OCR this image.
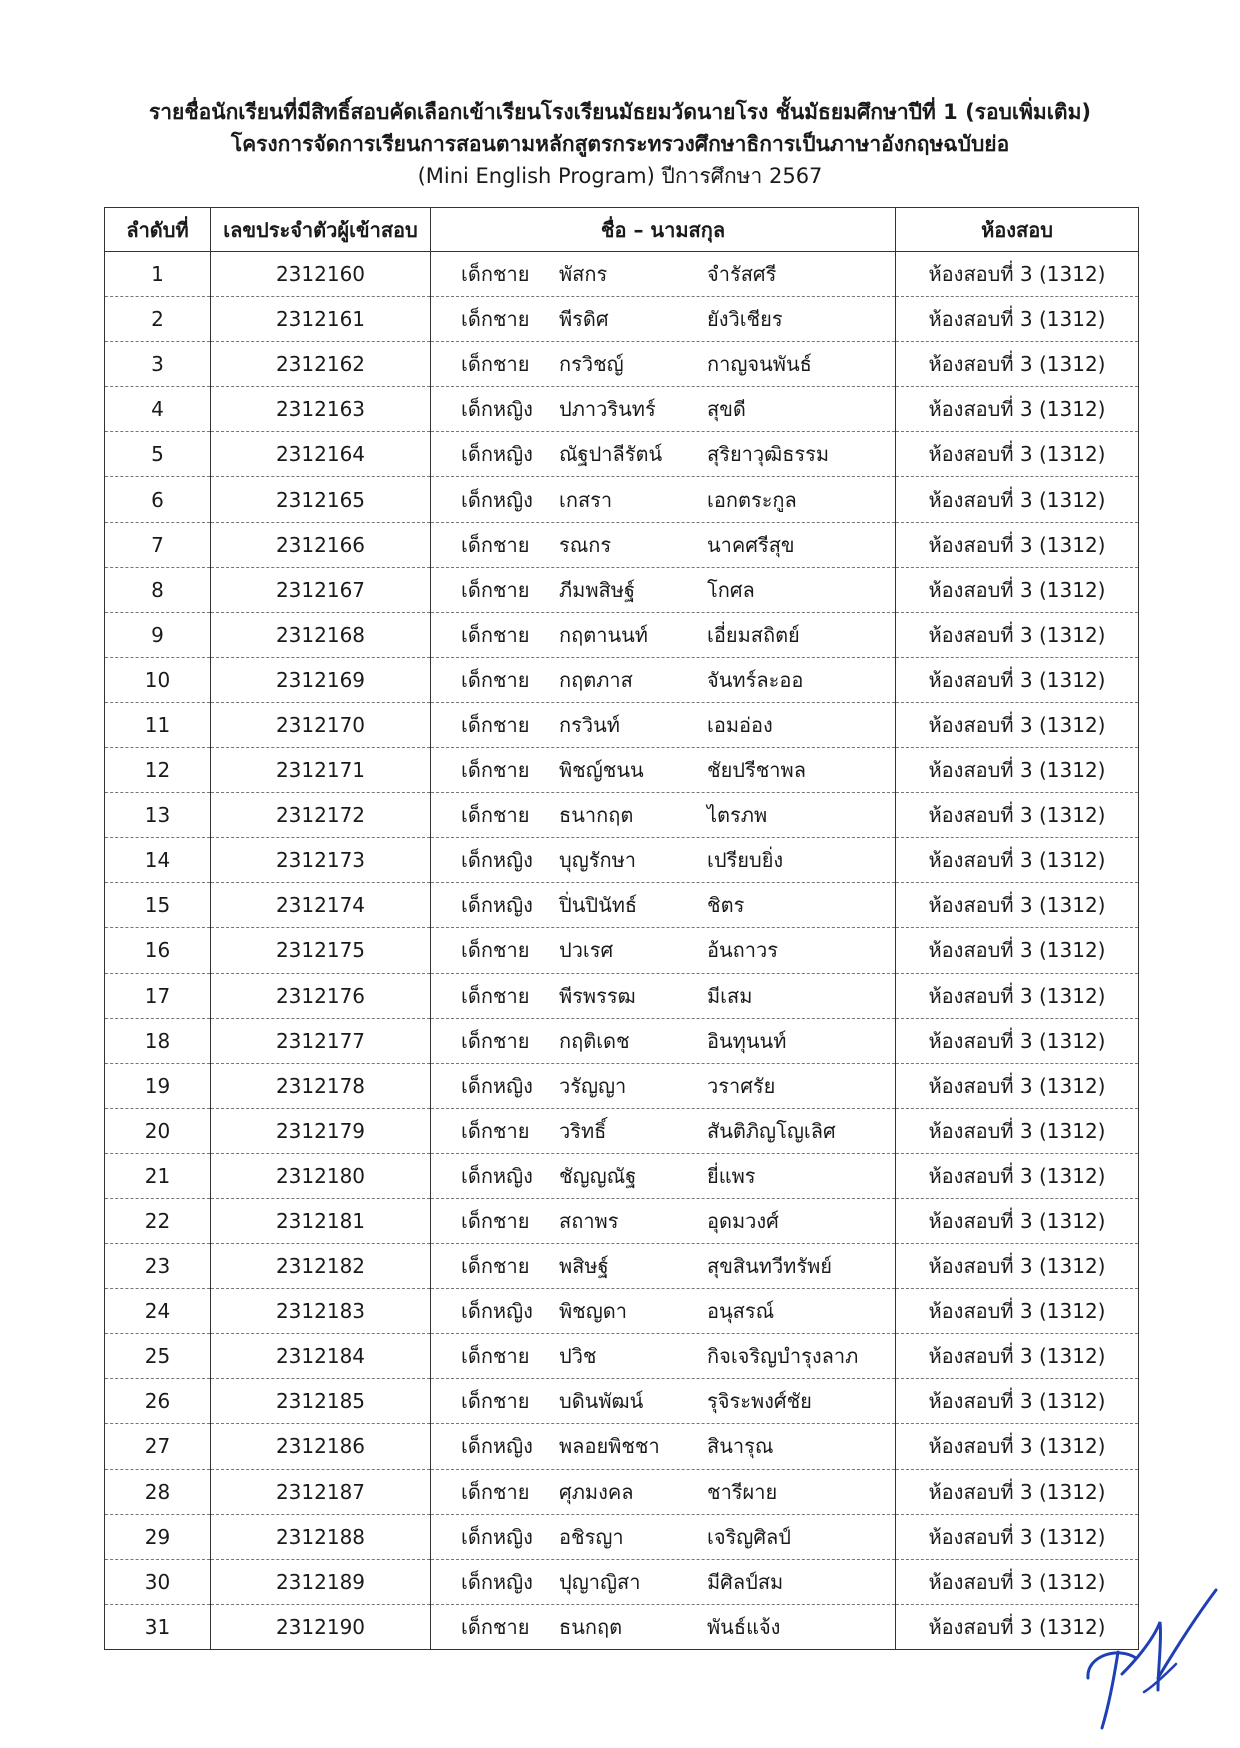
รายชื่อนักเรียนที่มีสิทธิ์สอบคัดเลือกเข้าเรียนโรงเรียนมัธยมวัดนายโรง ชั้นมัธยมศึกษาปีที่ 1 (รอบเพิ่มเติม)
โครงการจัดการเรียนการสอนตามหลักสูตรกระทรวงศึกษาธิการเป็นภาษาอังกฤษฉบับย่อ
(Mini English Program) ปีการศึกษา 2567
ลำดับที่	เลขประจำตัวผู้เข้าสอบ	ชื่อ – นามสกุล	ห้องสอบ
1	2312160	เด็กชาย พัสกร จำรัสศรี	ห้องสอบที่ 3 (1312)
2	2312161	เด็กชาย พีรดิศ ยังวิเชียร	ห้องสอบที่ 3 (1312)
3	2312162	เด็กชาย กรวิชญ์ กาญจนพันธ์	ห้องสอบที่ 3 (1312)
4	2312163	เด็กหญิง ปภาวรินทร์ สุขดี	ห้องสอบที่ 3 (1312)
5	2312164	เด็กหญิง ณัฐปาลีรัตน์ สุริยาวุฒิธรรม	ห้องสอบที่ 3 (1312)
6	2312165	เด็กหญิง เกสรา เอกตระกูล	ห้องสอบที่ 3 (1312)
7	2312166	เด็กชาย รณกร นาคศรีสุข	ห้องสอบที่ 3 (1312)
8	2312167	เด็กชาย ภีมพสิษฐ์ โกศล	ห้องสอบที่ 3 (1312)
9	2312168	เด็กชาย กฤตานนท์ เอี่ยมสถิตย์	ห้องสอบที่ 3 (1312)
10	2312169	เด็กชาย กฤตภาส จันทร์ละออ	ห้องสอบที่ 3 (1312)
11	2312170	เด็กชาย กรวินท์ เอมอ่อง	ห้องสอบที่ 3 (1312)
12	2312171	เด็กชาย พิชญ์ชนน ชัยปรีชาพล	ห้องสอบที่ 3 (1312)
13	2312172	เด็กชาย ธนากฤต ไตรภพ	ห้องสอบที่ 3 (1312)
14	2312173	เด็กหญิง บุญรักษา เปรียบยิ่ง	ห้องสอบที่ 3 (1312)
15	2312174	เด็กหญิง ปิ่นปินัทธ์ ชิตร	ห้องสอบที่ 3 (1312)
16	2312175	เด็กชาย ปวเรศ อ้นถาวร	ห้องสอบที่ 3 (1312)
17	2312176	เด็กชาย พีรพรรฒ มีเสม	ห้องสอบที่ 3 (1312)
18	2312177	เด็กชาย กฤติเดช อินทุนนท์	ห้องสอบที่ 3 (1312)
19	2312178	เด็กหญิง วรัญญา วราศรัย	ห้องสอบที่ 3 (1312)
20	2312179	เด็กชาย วริทธิ์ สันติภิญโญเลิศ	ห้องสอบที่ 3 (1312)
21	2312180	เด็กหญิง ชัญญณัฐ ยี่แพร	ห้องสอบที่ 3 (1312)
22	2312181	เด็กชาย สถาพร อุดมวงศ์	ห้องสอบที่ 3 (1312)
23	2312182	เด็กชาย พสิษฐ์ สุขสินทวีทรัพย์	ห้องสอบที่ 3 (1312)
24	2312183	เด็กหญิง พิชญดา อนุสรณ์	ห้องสอบที่ 3 (1312)
25	2312184	เด็กชาย ปวิช กิจเจริญบำรุงลาภ	ห้องสอบที่ 3 (1312)
26	2312185	เด็กชาย บดินพัฒน์ รุจิระพงศ์ชัย	ห้องสอบที่ 3 (1312)
27	2312186	เด็กหญิง พลอยพิชชา สินารุณ	ห้องสอบที่ 3 (1312)
28	2312187	เด็กชาย ศุภมงคล ชารีผาย	ห้องสอบที่ 3 (1312)
29	2312188	เด็กหญิง อชิรญา เจริญศิลป์	ห้องสอบที่ 3 (1312)
30	2312189	เด็กหญิง ปุญาญิสา มีศิลป์สม	ห้องสอบที่ 3 (1312)
31	2312190	เด็กชาย ธนกฤต พันธ์แจ้ง	ห้องสอบที่ 3 (1312)
